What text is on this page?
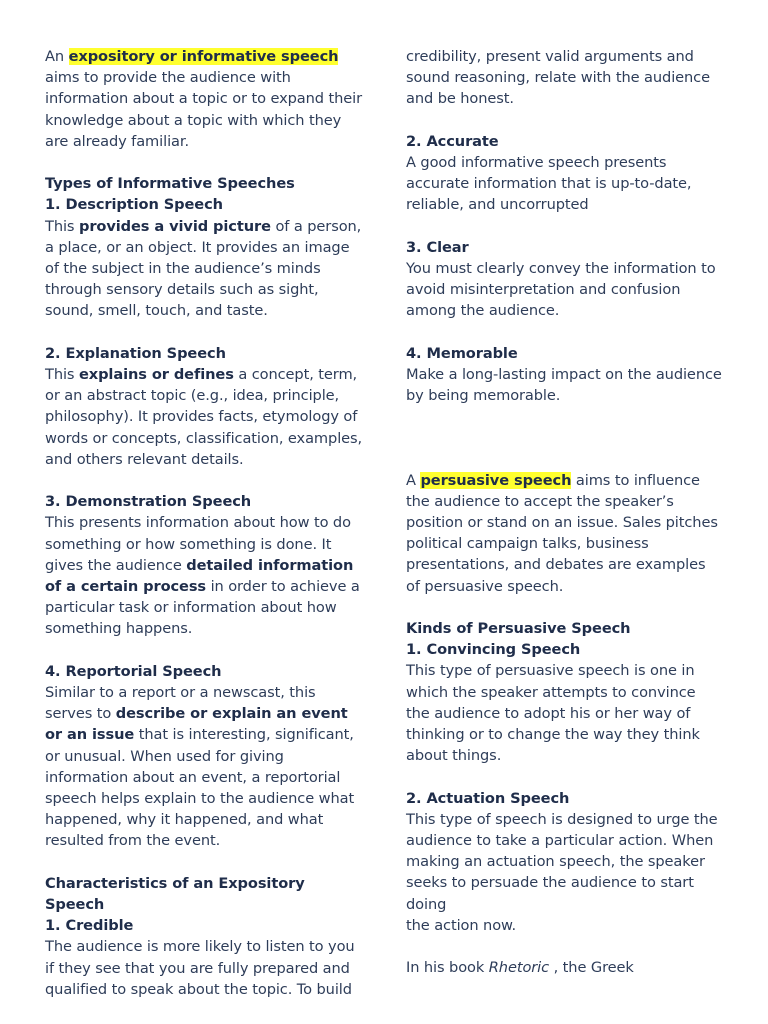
An expository or informative speech aims to provide the audience with information about a topic or to expand their knowledge about a topic with which they are already familiar.

Types of Informative Speeches
1. Description Speech
This provides a vivid picture of a person, a place, or an object. It provides an image of the subject in the audience’s minds through sensory details such as sight, sound, smell, touch, and taste.

2. Explanation Speech
This explains or defines a concept, term, or an abstract topic (e.g., idea, principle, philosophy). It provides facts, etymology of words or concepts, classification, examples, and others relevant details.

3. Demonstration Speech
This presents information about how to do something or how something is done. It gives the audience detailed information of a certain process in order to achieve a particular task or information about how something happens.

4. Reportorial Speech
Similar to a report or a newscast, this serves to describe or explain an event or an issue that is interesting, significant, or unusual. When used for giving information about an event, a reportorial speech helps explain to the audience what happened, why it happened, and what resulted from the event.

Characteristics of an Expository Speech
1. Credible
The audience is more likely to listen to you if they see that you are fully prepared and qualified to speak about the topic. To build

credibility, present valid arguments and sound reasoning, relate with the audience and be honest.

2. Accurate
A good informative speech presents accurate information that is up-to-date, reliable, and uncorrupted

3. Clear
You must clearly convey the information to avoid misinterpretation and confusion among the audience.

4. Memorable
Make a long-lasting impact on the audience by being memorable.

A persuasive speech aims to influence the audience to accept the speaker’s position or stand on an issue. Sales pitches political campaign talks, business presentations, and debates are examples of persuasive speech.

Kinds of Persuasive Speech
1. Convincing Speech
This type of persuasive speech is one in which the speaker attempts to convince the audience to adopt his or her way of thinking or to change the way they think about things.

2. Actuation Speech
This type of speech is designed to urge the audience to take a particular action. When making an actuation speech, the speaker seeks to persuade the audience to start doing
the action now.

In his book Rhetoric , the Greek
